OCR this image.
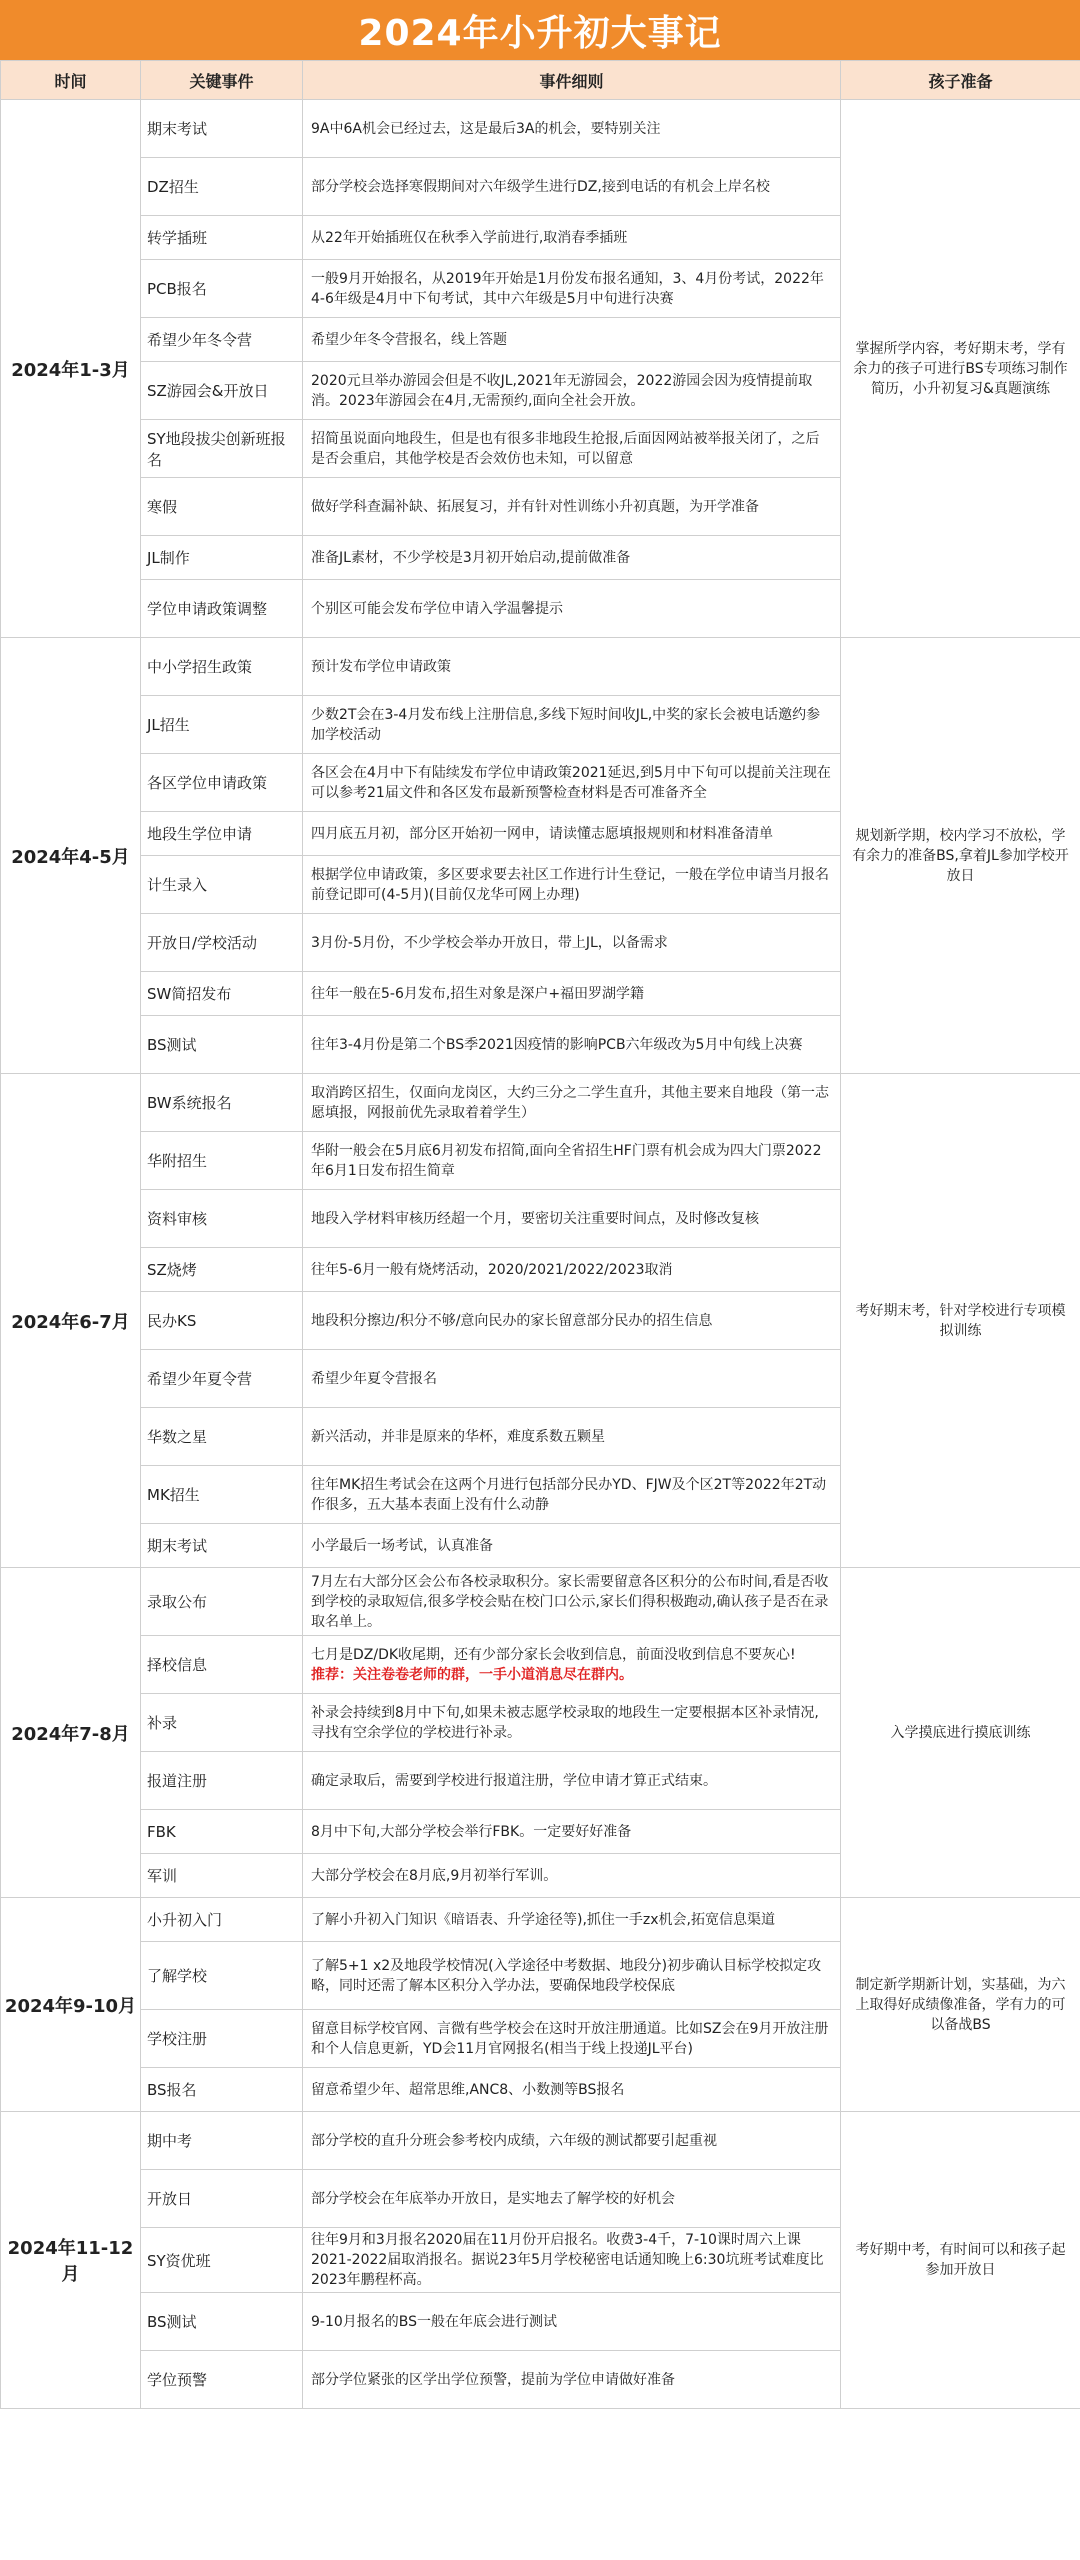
2024年小升初大事记
时间	关键事件	事件细则	孩子准备
2024年1-3月	期末考试	9A中6A机会已经过去，这是最后3A的机会，要特别关注	掌握所学内容，考好期末考，学有余力的孩子可进行BS专项练习制作简历，小升初复习&真题演练
	DZ招生	部分学校会选择寒假期间对六年级学生进行DZ,接到电话的有机会上岸名校	
	转学插班	从22年开始插班仅在秋季入学前进行,取消春季插班	
	PCB报名	一般9月开始报名，从2019年开始是1月份发布报名通知，3、4月份考试，2022年4-6年级是4月中下旬考试，其中六年级是5月中旬进行决赛	
	希望少年冬令营	希望少年冬令营报名，线上答题	
	SZ游园会&开放日	2020元旦举办游园会但是不收JL,2021年无游园会，2022游园会因为疫情提前取消。2023年游园会在4月,无需预约,面向全社会开放。	
	SY地段拔尖创新班报名	招简虽说面向地段生，但是也有很多非地段生抢报,后面因网站被举报关闭了，之后是否会重启，其他学校是否会效仿也未知，可以留意	
	寒假	做好学科查漏补缺、拓展复习，并有针对性训练小升初真题，为开学准备	
	JL制作	准备JL素材，不少学校是3月初开始启动,提前做准备	
	学位申请政策调整	个别区可能会发布学位申请入学温馨提示	
2024年4-5月	中小学招生政策	预计发布学位申请政策	规划新学期，校内学习不放松，学有余力的准备BS,拿着JL参加学校开放日
	JL招生	少数2T会在3-4月发布线上注册信息,多线下短时间收JL,中奖的家长会被电话邀约参加学校活动	
	各区学位申请政策	各区会在4月中下有陆续发布学位申请政策2021延迟,到5月中下旬可以提前关注现在可以参考21届文件和各区发布最新预警检查材料是否可准备齐全	
	地段生学位申请	四月底五月初，部分区开始初一网申，请读懂志愿填报规则和材料准备清单	
	计生录入	根据学位申请政策，多区要求要去社区工作进行计生登记，一般在学位申请当月报名前登记即可(4-5月)(目前仅龙华可网上办理)	
	开放日/学校活动	3月份-5月份，不少学校会举办开放日，带上JL，以备需求	
	SW简招发布	往年一般在5-6月发布,招生对象是深户+福田罗湖学籍	
	BS测试	往年3-4月份是第二个BS季2021因疫情的影响PCB六年级改为5月中旬线上决赛	
2024年6-7月	BW系统报名	取消跨区招生，仅面向龙岗区，大约三分之二学生直升，其他主要来自地段（第一志愿填报，网报前优先录取着着学生）	考好期末考，针对学校进行专项模拟训练
	华附招生	华附一般会在5月底6月初发布招简,面向全省招生HF门票有机会成为四大门票2022年6月1日发布招生简章	
	资料审核	地段入学材料审核历经超一个月，要密切关注重要时间点，及时修改复核	
	SZ烧烤	往年5-6月一般有烧烤活动，2020/2021/2022/2023取消	
	民办KS	地段积分擦边/积分不够/意向民办的家长留意部分民办的招生信息	
	希望少年夏令营	希望少年夏令营报名	
	华数之星	新兴活动，并非是原来的华杯，难度系数五颗星	
	MK招生	往年MK招生考试会在这两个月进行包括部分民办YD、FJW及个区2T等2022年2T动作很多，五大基本表面上没有什么动静	
	期末考试	小学最后一场考试，认真准备	
2024年7-8月	录取公布	7月左右大部分区会公布各校录取积分。家长需要留意各区积分的公布时间,看是否收到学校的录取短信,很多学校会贴在校门口公示,家长们得积极跑动,确认孩子是否在录取名单上。	入学摸底进行摸底训练
	择校信息	七月是DZ/DK收尾期，还有少部分家长会收到信息，前面没收到信息不要灰心!
推荐：关注卷卷老师的群，一手小道消息尽在群内。	
	补录	补录会持续到8月中下旬,如果未被志愿学校录取的地段生一定要根据本区补录情况,寻找有空余学位的学校进行补录。	
	报道注册	确定录取后，需要到学校进行报道注册，学位申请才算正式结束。	
	FBK	8月中下旬,大部分学校会举行FBK。一定要好好准备	
	军训	大部分学校会在8月底,9月初举行军训。	
2024年9-10月	小升初入门	了解小升初入门知识《暗语表、升学途径等),抓住一手zx机会,拓宽信息渠道	制定新学期新计划，实基础，为六上取得好成绩像准备，学有力的可以备战BS
	了解学校	了解5+1 x2及地段学校情况(入学途径中考数据、地段分)初步确认目标学校拟定攻略，同时还需了解本区积分入学办法，要确保地段学校保底	
	学校注册	留意目标学校官网、言微有些学校会在这时开放注册通道。比如SZ会在9月开放注册和个人信息更新，YD会11月官网报名(相当于线上投递JL平台)	
	BS报名	留意希望少年、超常思维,ANC8、小数测等BS报名	
2024年11-12月	期中考	部分学校的直升分班会参考校内成绩，六年级的测试都要引起重视	考好期中考，有时间可以和孩子起参加开放日
	开放日	部分学校会在年底举办开放日，是实地去了解学校的好机会	
	SY资优班	往年9月和3月报名2020届在11月份开启报名。收费3-4千，7-10课时周六上课2021-2022届取消报名。据说23年5月学校秘密电话通知晚上6:30坑班考试难度比2023年鹏程杯高。	
	BS测试	9-10月报名的BS一般在年底会进行测试	
	学位预警	部分学位紧张的区学出学位预警，提前为学位申请做好准备	
